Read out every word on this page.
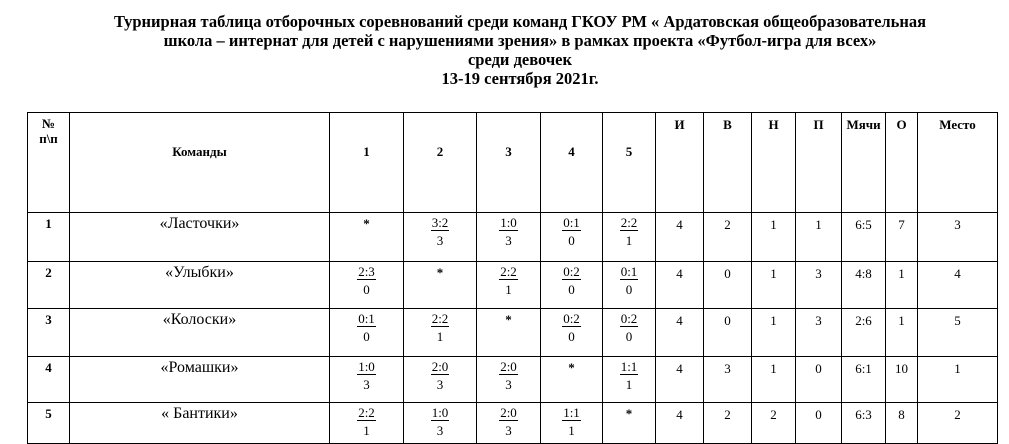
Турнирная таблица отборочных соревнований среди команд ГКОУ РМ « Ардатовская общеобразовательная
школа – интернат для детей с нарушениями зрения» в рамках проекта «Футбол-игра для всех»
среди девочек
13-19 сентября 2021г.
№
п\п	Команды	1	2	3	4	5	И	В	Н	П	Мячи	О	Место
1	«Ласточки»	*	$\frac{3:2}{3}$	$\frac{1:0}{3}$	$\frac{0:1}{0}$	$\frac{2:2}{1}$	4	2	1	1	6:5	7	3
2	«Улыбки»	$\frac{2:3}{0}$	*	$\frac{2:2}{1}$	$\frac{0:2}{0}$	$\frac{0:1}{0}$	4	0	1	3	4:8	1	4
3	«Колоски»	$\frac{0:1}{0}$	$\frac{2:2}{1}$	*	$\frac{0:2}{0}$	$\frac{0:2}{0}$	4	0	1	3	2:6	1	5
4	«Ромашки»	$\frac{1:0}{3}$	$\frac{2:0}{3}$	$\frac{2:0}{3}$	*	$\frac{1:1}{1}$	4	3	1	0	6:1	10	1
5	« Бантики»	$\frac{2:2}{1}$	$\frac{1:0}{3}$	$\frac{2:0}{3}$	$\frac{1:1}{1}$	*	4	2	2	0	6:3	8	2
